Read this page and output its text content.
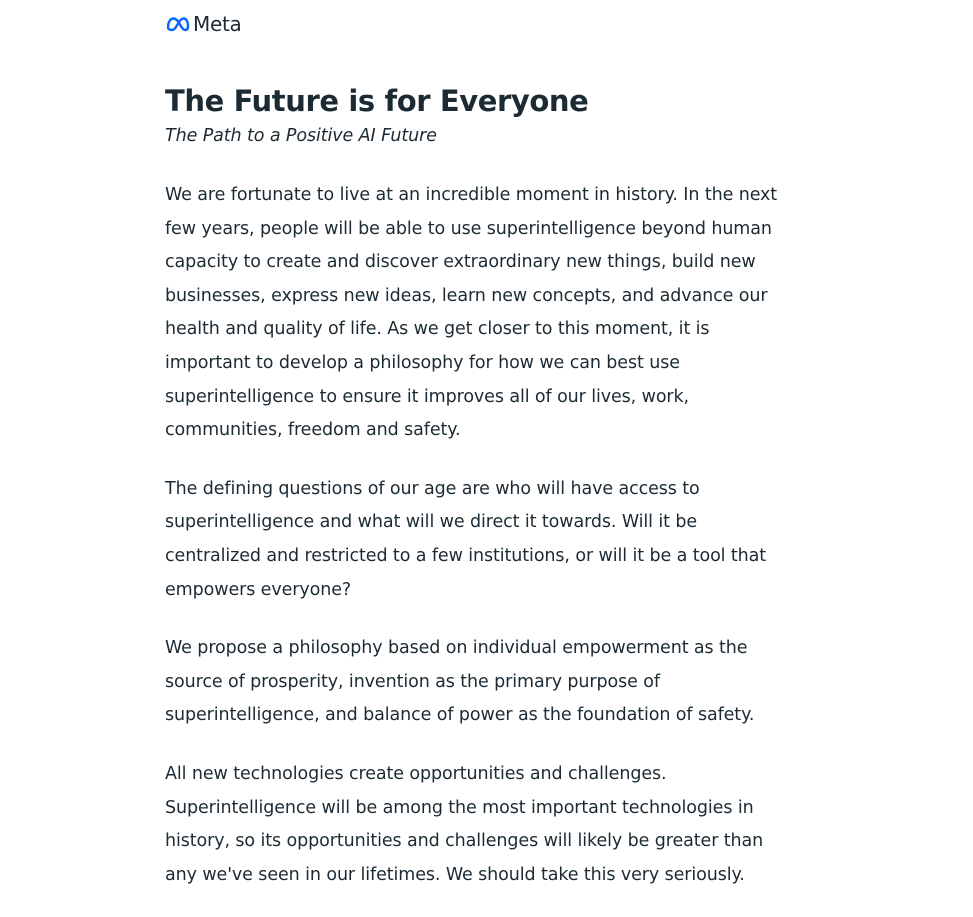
Meta
The Future is for Everyone

The Path to a Positive AI Future

We are fortunate to live at an incredible moment in history. In the next
few years, people will be able to use superintelligence beyond human
capacity to create and discover extraordinary new things, build new
businesses, express new ideas, learn new concepts, and advance our
health and quality of life. As we get closer to this moment, it is
important to develop a philosophy for how we can best use
superintelligence to ensure it improves all of our lives, work,
communities, freedom and safety.

The defining questions of our age are who will have access to
superintelligence and what will we direct it towards. Will it be
centralized and restricted to a few institutions, or will it be a tool that
empowers everyone?

We propose a philosophy based on individual empowerment as the
source of prosperity, invention as the primary purpose of
superintelligence, and balance of power as the foundation of safety.

All new technologies create opportunities and challenges.
Superintelligence will be among the most important technologies in
history, so its opportunities and challenges will likely be greater than
any we've seen in our lifetimes. We should take this very seriously.
